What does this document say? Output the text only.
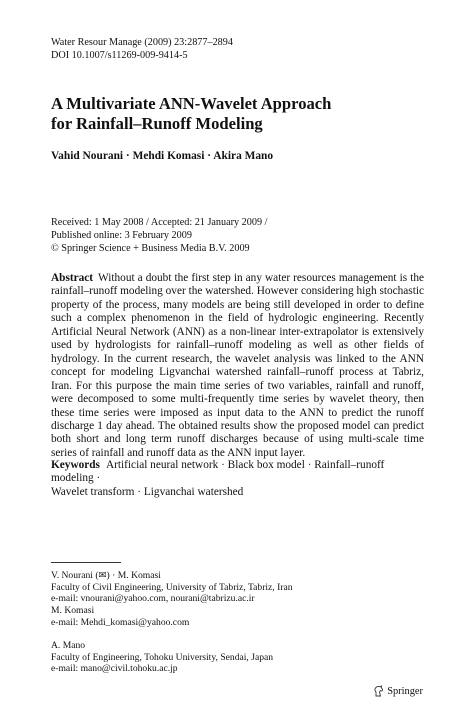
Water Resour Manage (2009) 23:2877–2894
DOI 10.1007/s11269-009-9414-5
A Multivariate ANN-Wavelet Approach
for Rainfall–Runoff Modeling
Vahid Nourani · Mehdi Komasi · Akira Mano
Received: 1 May 2008 / Accepted: 21 January 2009 /
Published online: 3 February 2009
© Springer Science + Business Media B.V. 2009

Abstract Without a doubt the first step in any water resources management is the rainfall–runoff modeling over the watershed. However considering high stochastic property of the process, many models are being still developed in order to define such a complex phenomenon in the field of hydrologic engineering. Recently Artificial Neural Network (ANN) as a non-linear inter-extrapolator is extensively used by hydrologists for rainfall–runoff modeling as well as other fields of hydrology. In the current research, the wavelet analysis was linked to the ANN concept for modeling Ligvanchai watershed rainfall–runoff process at Tabriz, Iran. For this purpose the main time series of two variables, rainfall and runoff, were decomposed to some multi-frequently time series by wavelet theory, then these time series were imposed as input data to the ANN to predict the runoff discharge 1 day ahead. The obtained results show the proposed model can predict both short and long term runoff discharges because of using multi-scale time series of rainfall and runoff data as the ANN input layer.

Keywords Artificial neural network · Black box model · Rainfall–runoff modeling ·
Wavelet transform · Ligvanchai watershed
V. Nourani (✉) · M. Komasi
Faculty of Civil Engineering, University of Tabriz, Tabriz, Iran
e-mail: vnourani@yahoo.com, nourani@tabrizu.ac.ir
M. Komasi
e-mail: Mehdi_komasi@yahoo.com
A. Mano
Faculty of Engineering, Tohoku University, Sendai, Japan
e-mail: mano@civil.tohoku.ac.jp
Springer
